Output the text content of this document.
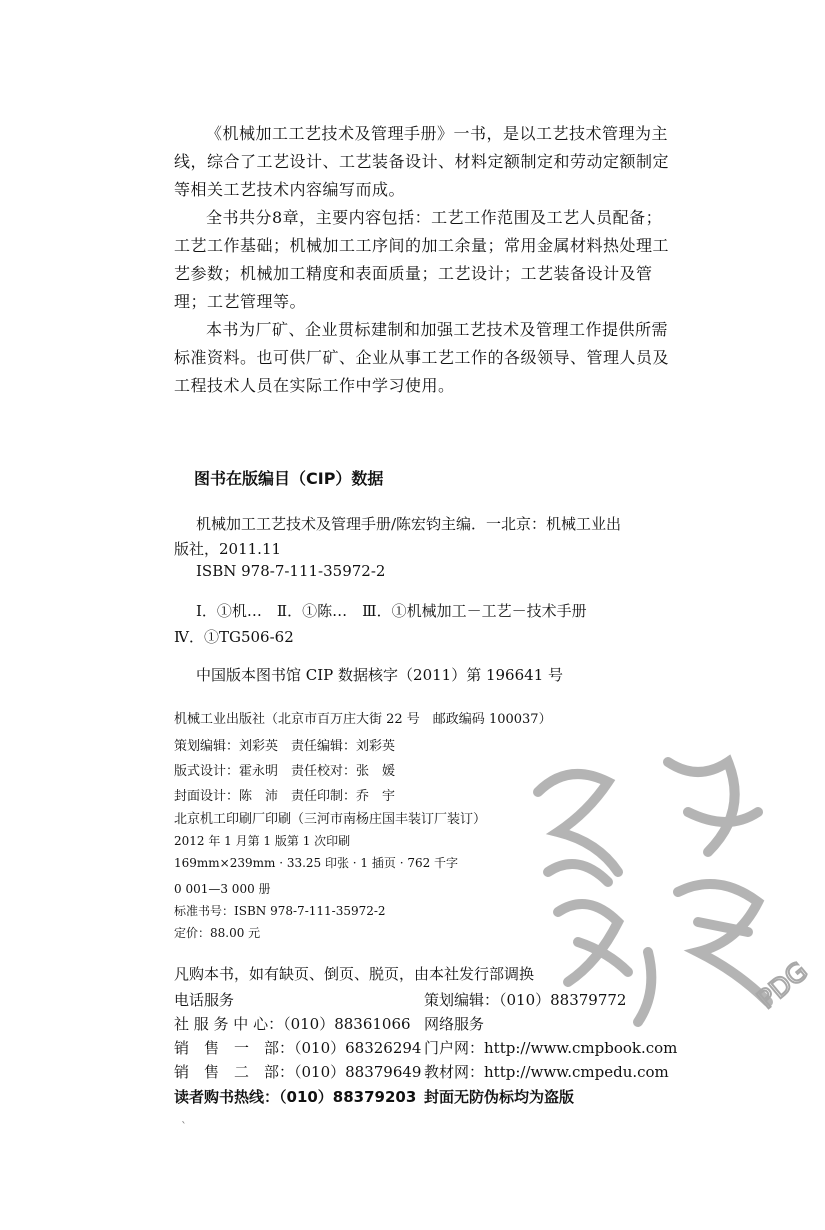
《机械加工工艺技术及管理手册》一书，是以工艺技术管理为主线，综合了工艺设计、工艺装备设计、材料定额制定和劳动定额制定等相关工艺技术内容编写而成。

全书共分8章，主要内容包括：工艺工作范围及工艺人员配备；工艺工作基础；机械加工工序间的加工余量；常用金属材料热处理工艺参数；机械加工精度和表面质量；工艺设计；工艺装备设计及管理；工艺管理等。

本书为厂矿、企业贯标建制和加强工艺技术及管理工作提供所需标准资料。也可供厂矿、企业从事工艺工作的各级领导、管理人员及工程技术人员在实际工作中学习使用。

图书在版编目（CIP）数据
机械加工工艺技术及管理手册/陈宏钧主编．一北京：机械工业出
版社，2011.11
ISBN 978-7-111-35972-2
Ⅰ．①机…　Ⅱ．①陈…　Ⅲ．①机械加工－工艺－技术手册
Ⅳ．①TG506-62
中国版本图书馆 CIP 数据核字（2011）第 196641 号
机械工业出版社（北京市百万庄大街 22 号　邮政编码 100037）
策划编辑：刘彩英　责任编辑：刘彩英
版式设计：霍永明　责任校对：张　媛
封面设计：陈　沛　责任印制：乔　宇
北京机工印刷厂印刷（三河市南杨庄国丰装订厂装订）
2012 年 1 月第 1 版第 1 次印刷
169mm×239mm · 33.25 印张 · 1 插页 · 762 千字
0 001—3 000 册
标准书号：ISBN 978-7-111-35972-2
定价：88.00 元
凡购本书，如有缺页、倒页、脱页，由本社发行部调换
电话服务	策划编辑：（010）88379772
社 服 务 中 心：（010）88361066 网络服务
销　售　一　部：（010）68326294 门户网：http://www.cmpbook.com
销　售　二　部：（010）88379649 教材网：http://www.cmpedu.com
读者购书热线：（010）88379203 封面无防伪标均为盗版
`
PDG
